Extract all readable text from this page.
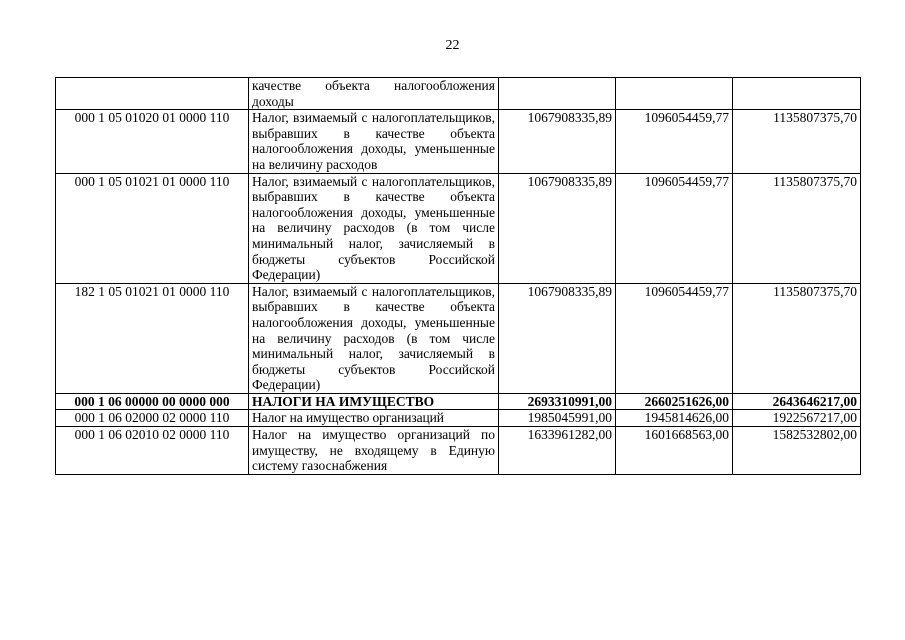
22
	качестве объекта налогообложения доходы			
000 1 05 01020 01 0000 110	Налог, взимаемый с налогоплательщиков, выбравших в качестве объекта налогообложения доходы, уменьшенные на величину расходов	1067908335,89	1096054459,77	1135807375,70
000 1 05 01021 01 0000 110	Налог, взимаемый с налогоплательщиков, выбравших в качестве объекта налогообложения доходы, уменьшенные на величину расходов (в том числе минимальный налог, зачисляемый в бюджеты субъектов Российской Федерации)	1067908335,89	1096054459,77	1135807375,70
182 1 05 01021 01 0000 110	Налог, взимаемый с налогоплательщиков, выбравших в качестве объекта налогообложения доходы, уменьшенные на величину расходов (в том числе минимальный налог, зачисляемый в бюджеты субъектов Российской Федерации)	1067908335,89	1096054459,77	1135807375,70
000 1 06 00000 00 0000 000	НАЛОГИ НА ИМУЩЕСТВО	2693310991,00	2660251626,00	2643646217,00
000 1 06 02000 02 0000 110	Налог на имущество организаций	1985045991,00	1945814626,00	1922567217,00
000 1 06 02010 02 0000 110	Налог на имущество организаций по имуществу, не входящему в Единую систему газоснабжения	1633961282,00	1601668563,00	1582532802,00
